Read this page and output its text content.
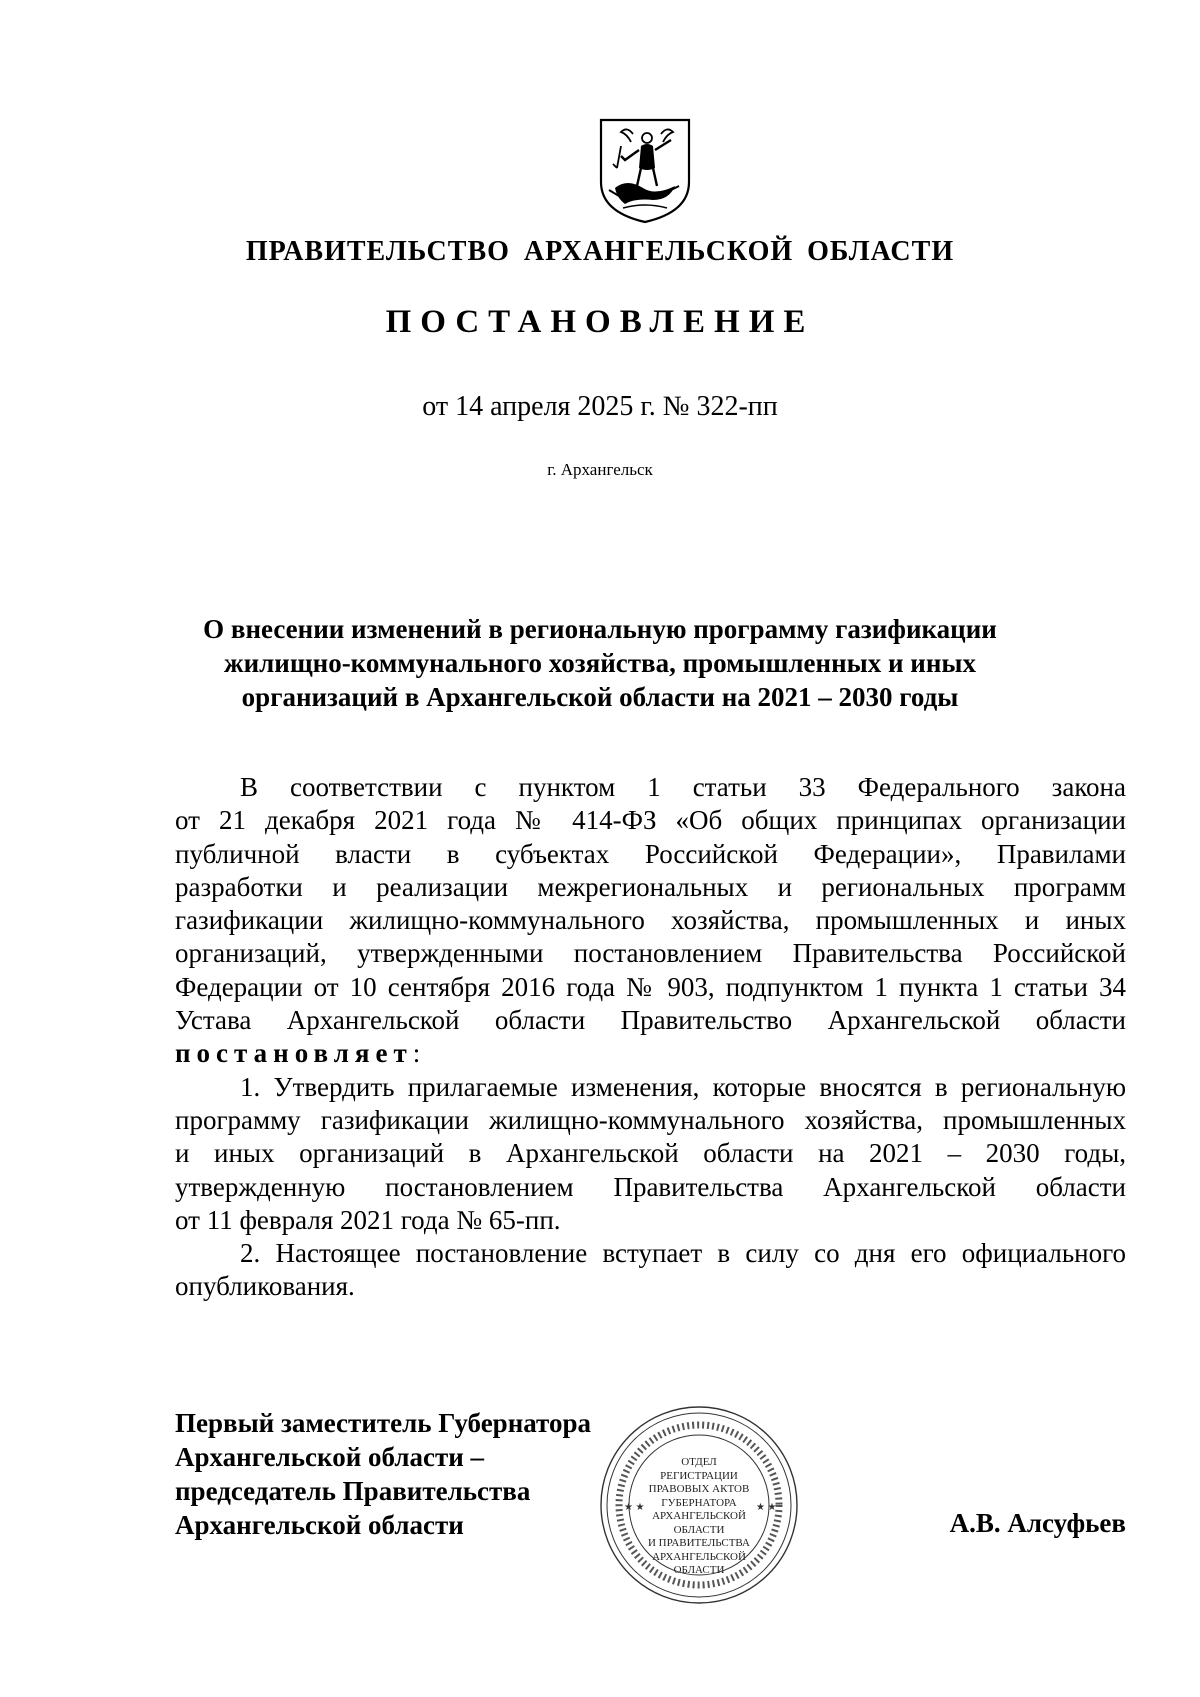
ПРАВИТЕЛЬСТВО АРХАНГЕЛЬСКОЙ ОБЛАСТИ
ПОСТАНОВЛЕНИЕ
от 14 апреля 2025 г. № 322-пп
г. Архангельск
О внесении изменений в региональную программу газификации
жилищно-коммунального хозяйства, промышленных и иных
организаций в Архангельской области на 2021 – 2030 годы
В соответствии с пунктом 1 статьи 33 Федерального закона
от 21 декабря 2021 года № 414-ФЗ «Об общих принципах организации
публичной власти в субъектах Российской Федерации», Правилами
разработки и реализации межрегиональных и региональных программ
газификации жилищно-коммунального хозяйства, промышленных и иных
организаций, утвержденными постановлением Правительства Российской
Федерации от 10 сентября 2016 года № 903, подпунктом 1 пункта 1 статьи 34
Устава Архангельской области Правительство Архангельской области
постановляет:
1. Утвердить прилагаемые изменения, которые вносятся в региональную
программу газификации жилищно-коммунального хозяйства, промышленных
и иных организаций в Архангельской области на 2021 – 2030 годы,
утвержденную постановлением Правительства Архангельской области
от 11 февраля 2021 года № 65-пп.
2. Настоящее постановление вступает в силу со дня его официального
опубликования.
Первый заместитель Губернатора
Архангельской области –
председатель Правительства
Архангельской области
★ ★	★ ★
ОТДЕЛ
РЕГИСТРАЦИИ
ПРАВОВЫХ АКТОВ
ГУБЕРНАТОРА
АРХАНГЕЛЬСКОЙ
ОБЛАСТИ
И ПРАВИТЕЛЬСТВА
АРХАНГЕЛЬСКОЙ
ОБЛАСТИ
А.В. Алсуфьев
